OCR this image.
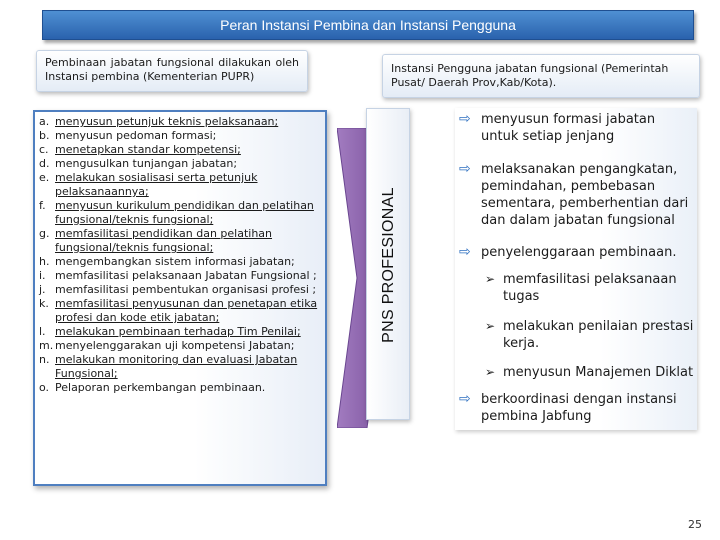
Peran Instansi Pembina dan Instansi Pengguna
Pembinaan jabatan fungsional dilakukan oleh Instansi pembina (Kementerian PUPR)
Instansi Pengguna jabatan fungsional (Pemerintah Pusat/ Daerah Prov,Kab/Kota).
a. menyusun petunjuk teknis pelaksanaan;
b. menyusun pedoman formasi;
c. menetapkan standar kompetensi;
d. mengusulkan tunjangan jabatan;
e. melakukan sosialisasi serta petunjuk pelaksanaannya;
f. menyusun kurikulum pendidikan dan pelatihan fungsional/teknis fungsional;
g. memfasilitasi pendidikan dan pelatihan fungsional/teknis fungsional;
h. mengembangkan sistem informasi jabatan;
i. memfasilitasi pelaksanaan Jabatan Fungsional ;
j. memfasilitasi pembentukan organisasi profesi ;
k. memfasilitasi penyusunan dan penetapan etika profesi dan kode etik jabatan;
l. melakukan pembinaan terhadap Tim Penilai;
m. menyelenggarakan uji kompetensi Jabatan;
n. melakukan monitoring dan evaluasi Jabatan Fungsional;
o. Pelaporan perkembangan pembinaan.
PNS PROFESIONAL
⇨ menyusun formasi jabatan untuk setiap jenjang
⇨ melaksanakan pengangkatan, pemindahan, pembebasan sementara, pemberhentian dari dan dalam jabatan fungsional
⇨ penyelenggaraan pembinaan.
➢ memfasilitasi pelaksanaan tugas
➢ melakukan penilaian prestasi kerja.
➢ menyusun Manajemen Diklat
⇨ berkoordinasi dengan instansi pembina Jabfung
25
